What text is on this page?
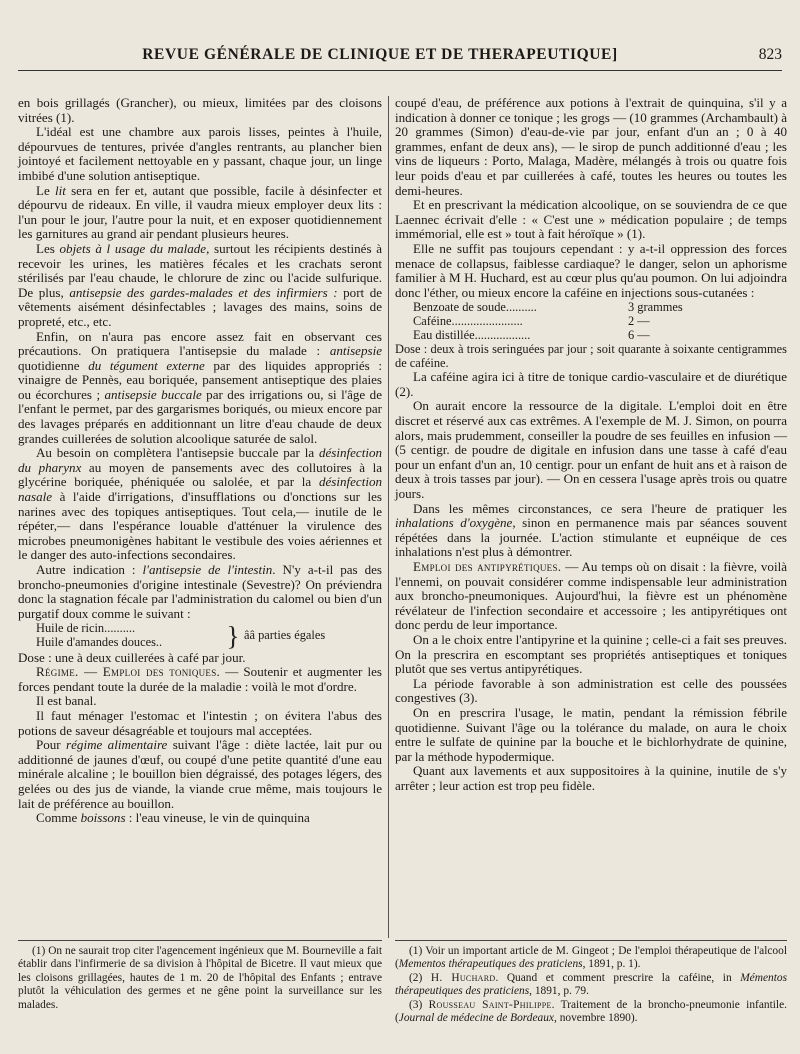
REVUE GÉNÉRALE DE CLINIQUE ET DE THERAPEUTIQUE]	823

en bois grillagés (Grancher), ou mieux, limitées par des cloisons vitrées (1).

L'idéal est une chambre aux parois lisses, peintes à l'huile, dépourvues de tentures, privée d'angles rentrants, au plancher bien jointoyé et facilement nettoyable en y passant, chaque jour, un linge imbibé d'une solution antiseptique.

Le lit sera en fer et, autant que possible, facile à désinfecter et dépourvu de rideaux. En ville, il vaudra mieux employer deux lits : l'un pour le jour, l'autre pour la nuit, et en exposer quotidiennement les garnitures au grand air pendant plusieurs heures.

Les objets à l usage du malade, surtout les récipients destinés à recevoir les urines, les matières fécales et les crachats seront stérilisés par l'eau chaude, le chlorure de zinc ou l'acide sulfurique. De plus, antisepsie des gardes-malades et des infirmiers : port de vêtements aisément désinfectables ; lavages des mains, soins de propreté, etc., etc.

Enfin, on n'aura pas encore assez fait en observant ces précautions. On pratiquera l'antisepsie du malade : antisepsie quotidienne du tégument externe par des liquides appropriés : vinaigre de Pennès, eau boriquée, pansement antiseptique des plaies ou écorchures ; antisepsie buccale par des irrigations ou, si l'âge de l'enfant le permet, par des gargarismes boriqués, ou mieux encore par des lavages préparés en additionnant un litre d'eau chaude de deux grandes cuillerées de solution alcoolique saturée de salol.

Au besoin on complètera l'antisepsie buccale par la désinfection du pharynx au moyen de pansements avec des collutoires à la glycérine boriquée, phéniquée ou salolée, et par la désinfection nasale à l'aide d'irrigations, d'insufflations ou d'onctions sur les narines avec des topiques antiseptiques. Tout cela,— inutile de le répéter,— dans l'espérance louable d'atténuer la virulence des microbes pneumonigènes habitant le vestibule des voies aériennes et le danger des auto-infections secondaires.

Autre indication : l'antisepsie de l'intestin. N'y a-t-il pas des broncho-pneumonies d'origine intestinale (Sevestre)? On préviendra donc la stagnation fécale par l'administration du calomel ou bien d'un purgatif doux comme le suivant :

Huile de ricin..........
Huile d'amandes douces..	} ââ parties égales

Dose : une à deux cuillerées à café par jour.

Régime. — Emploi des toniques. — Soutenir et augmenter les forces pendant toute la durée de la maladie : voilà le mot d'ordre.

Il est banal.

Il faut ménager l'estomac et l'intestin ; on évitera l'abus des potions de saveur désagréable et toujours mal acceptées.

Pour régime alimentaire suivant l'âge : diète lactée, lait pur ou additionné de jaunes d'œuf, ou coupé d'une petite quantité d'une eau minérale alcaline ; le bouillon bien dégraissé, des potages légers, des gelées ou des jus de viande, la viande crue même, mais toujours le lait de préférence au bouillon.

Comme boissons : l'eau vineuse, le vin de quinquina

coupé d'eau, de préférence aux potions à l'extrait de quinquina, s'il y a indication à donner ce tonique ; les grogs — (10 grammes (Archambault) à 20 grammes (Simon) d'eau-de-vie par jour, enfant d'un an ; 0 à 40 grammes, enfant de deux ans), — le sirop de punch additionné d'eau ; les vins de liqueurs : Porto, Malaga, Madère, mélangés à trois ou quatre fois leur poids d'eau et par cuillerées à café, toutes les heures ou toutes les demi-heures.

Et en prescrivant la médication alcoolique, on se souviendra de ce que Laennec écrivait d'elle : « C'est une » médication populaire ; de temps immémorial, elle est » tout à fait héroïque » (1).

Elle ne suffit pas toujours cependant : y a-t-il oppression des forces menace de collapsus, faiblesse cardiaque? le danger, selon un aphorisme familier à M H. Huchard, est au cœur plus qu'au poumon. On lui adjoindra donc l'éther, ou mieux encore la caféine en injections sous-cutanées :

Benzoate de soude..........	3 grammes
Caféine.......................	2 —
Eau distillée..................	6 —

Dose : deux à trois seringuées par jour ; soit quarante à soixante centigrammes de caféine.

La caféine agira ici à titre de tonique cardio-vasculaire et de diurétique (2).

On aurait encore la ressource de la digitale. L'emploi doit en être discret et réservé aux cas extrêmes. A l'exemple de M. J. Simon, on pourra alors, mais prudemment, conseiller la poudre de ses feuilles en infusion — (5 centigr. de poudre de digitale en infusion dans une tasse à café d'eau pour un enfant d'un an, 10 centigr. pour un enfant de huit ans et à raison de deux à trois tasses par jour). — On en cessera l'usage après trois ou quatre jours.

Dans les mêmes circonstances, ce sera l'heure de pratiquer les inhalations d'oxygène, sinon en permanence mais par séances souvent répétées dans la journée. L'action stimulante et eupnéique de ces inhalations n'est plus à démontrer.

Emploi des antipyrétiques. — Au temps où on disait : la fièvre, voilà l'ennemi, on pouvait considérer comme indispensable leur administration aux broncho-pneumoniques. Aujourd'hui, la fièvre est un phénomène révélateur de l'infection secondaire et accessoire ; les antipyrétiques ont donc perdu de leur importance.

On a le choix entre l'antipyrine et la quinine ; celle-ci a fait ses preuves. On la prescrira en escomptant ses propriétés antiseptiques et toniques plutôt que ses vertus antipyrétiques.

La période favorable à son administration est celle des poussées congestives (3).

On en prescrira l'usage, le matin, pendant la rémission fébrile quotidienne. Suivant l'âge ou la tolérance du malade, on aura le choix entre le sulfate de quinine par la bouche et le bichlorhydrate de quinine, par la méthode hypodermique.

Quant aux lavements et aux suppositoires à la quinine, inutile de s'y arrêter ; leur action est trop peu fidèle.

(1) On ne saurait trop citer l'agencement ingénieux que M. Bourneville a fait établir dans l'infirmerie de sa division à l'hôpital de Bicetre. Il vaut mieux que les cloisons grillagées, hautes de 1 m. 20 de l'hôpital des Enfants ; entrave plutôt la véhiculation des germes et ne gêne point la surveillance sur les malades.

(1) Voir un important article de M. Gingeot ; De l'emploi thérapeutique de l'alcool (Mementos thérapeutiques des praticiens, 1891, p. 1).

(2) H. Huchard. Quand et comment prescrire la caféine, in Mémentos thérapeutiques des praticiens, 1891, p. 79.

(3) Rousseau Saint-Philippe. Traitement de la broncho-pneumonie infantile. (Journal de médecine de Bordeaux, novembre 1890).
